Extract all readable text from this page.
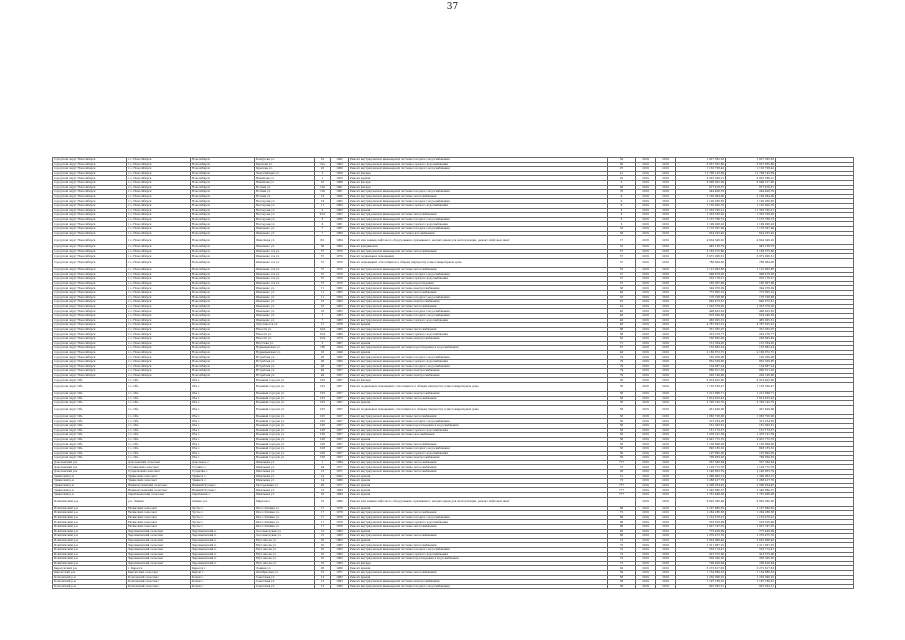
37
городской округ Новосибирск	г.о. Новосибирск	Новосибирск	Кошурова ул.	16	1982	Ремонт внутридомовой инженерной системы холодного водоснабжения	59	2019	2019	1 627 565,63	1 627 565,63	
городской округ Новосибирск	г.о. Новосибирск	Новосибирск	Крылова ул.	21а	1963	Ремонт внутридомовой инженерной системы горячего водоснабжения	95	2019	2019	3 637 655,80	3 637 655,80	
городской округ Новосибирск	г.о. Новосибирск	Новосибирск	Крылова ул.	23	1960	Ремонт внутридомовой инженерной системы холодного водоснабжения	97	2019	2019	1 133 708,42	1 133 708,42	
городской округ Новосибирск	г.о. Новосибирск	Новосибирск	Челюскинцев ул.	5	1959	Ремонт фасада	41	2019	2019	11 798 143,69	11 798 143,69	
городской округ Новосибирск	г.о. Новосибирск	Новосибирск	Нахимова ул.	1	1953	Ремонт крыши	25	2019	2019	9 325 560,21	9 825 560,21	
городской округ Новосибирск	г.о. Новосибирск	Новосибирск	Нахимова ул.	10	1989	Ремонт фасада	2	2019	2019	6 096 005,99	6 096 217,90	
городской округ Новосибирск	г.о. Новосибирск	Новосибирск	Ногина ул.	13а	1961	Ремонт фасада	56	2019	2019	877 476,57	877 476,57	
городской округ Новосибирск	г.о. Новосибирск	Новосибирск	Ногина ул.	13б	1961	Ремонт внутридомовой инженерной системы холодного водоснабжения	76	2019	2019	244 406,79	244 406,79	
городской округ Новосибирск	г.о. Новосибирск	Новосибирск	Ногина ул.	14	1960	Ремонт внутридомовой инженерной системы теплоснабжения	9	2019	2019	2 169 964,00	2 169 964,00	
городской округ Новосибирск	г.о. Новосибирск	Новосибирск	Нестерова ул.	19	1962	Ремонт внутридомовой инженерной системы холодного водоснабжения	9	2019	2019	1 100 036,85	1 100 036,85	
городской округ Новосибирск	г.о. Новосибирск	Новосибирск	Нестерова ул.	11	1960	Ремонт внутридомовой инженерной системы горячего водоснабжения	6	2019	2019	1 135 920,70	1 135 920,70	
городской округ Новосибирск	г.о. Новосибирск	Новосибирск	Нестерова ул.	2	1963	Ремонт крыши	4	2019	2019	11 353 795,21	11 353 795,21	
городской округ Новосибирск	г.о. Новосибирск	Новосибирск	Нестерова ул.	25/1	1957	Ремонт внутридомовой инженерной системы теплоснабжения	9	2019	2019	1 333 536,20	1 333 536,20	
городской округ Новосибирск	г.о. Новосибирск	Новосибирск	Нестерова ул.	6	1960	Ремонт внутридомовой инженерной системы холодного водоснабжения	6	2019	2019	1 137 766,72	1 137 766,72	
городской округ Новосибирск	г.о. Новосибирск	Новосибирск	Нестерова ул.	6	1961	Ремонт внутридомовой инженерной системы горячего водоснабжения	6	2019	2019	1 199 008,03	1 199 008,03	
городской округ Новосибирск	г.о. Новосибирск	Новосибирск	Шевченко ул.	7	1967	Ремонт внутридомовой инженерной системы холодного водоснабжения	53	2019	2019	1 176 397,90	1 176 397,90	
городской округ Новосибирск	г.о. Новосибирск	Новосибирск	Шевченко ул.	7	1969	Ремонт внутридомовой инженерной системы газоснабжения	50	2019	2019	624 235,45	624 235,45	
городской округ Новосибирск	г.о. Новосибирск	Новосибирск	Шекспира ул.	8/1	1964	Ремонт или замена лифтового оборудования, признанного непригодным для эксплуатации, ремонт лифтовых шахт	17	2019	2019	4 604 546,20	4 604 546,20	
городской округ Новосибирск	г.о. Новосибирск	Новосибирск	Шевченко ул.	30	1962	Ремонт фундамента	32	2019	2019	945 138,79	945 138,79	
городской округ Новосибирск	г.о. Новосибирск	Новосибирск	Шевченко 2-я ул.	57	1970	Ремонт внутридомовой инженерной системы теплоснабжения	57	2019	2019	2 183 275,88	2 183 275,88	
городской округ Новосибирск	г.о. Новосибирск	Новосибирск	Шевченко 2-я ул.	57	1970	Ремонт подвальных помещений	57	2019	2019	3 972 006,51	3 972 006,51	
городской округ Новосибирск	г.о. Новосибирск	Новосибирск	Шевченко 2-я ул.	57	1970	Ремонт помещений, относящихся к общему имуществу в многоквартирном доме	57	2019	2019	786 864,66	786 864,66	
городской округ Новосибирск	г.о. Новосибирск	Новосибирск	Шевченко 2-я ул.	57	1970	Ремонт внутридомовой инженерной системы теплоснабжения	53	2019	2019	1 115 903,66	1 115 903,66	
городской округ Новосибирск	г.о. Новосибирск	Новосибирск	Шевченко 2-я ул.	57	1970	Ремонт внутридомовой инженерной системы холодного водоснабжения	57	2019	2019	998 478,26	998 478,26	
городской округ Новосибирск	г.о. Новосибирск	Новосибирск	Шевченко 2-я ул.	57	1970	Ремонт внутридомовой инженерной системы горячего водоснабжения	57	2019	2019	255 178,27	255 178,27	
городской округ Новосибирск	г.о. Новосибирск	Новосибирск	Шевченко 2-я ул.	57	1970	Ремонт внутридомовой инженерной системы водоотведения	57	2019	2019	185 007,89	185 007,89	
городской округ Новосибирск	г.о. Новосибирск	Новосибирск	Шевченко ул.	11	1962	Ремонт внутридомовой инженерной системы электроснабжения	58	2019	2019	394 076,09	394 076,09	
городской округ Новосибирск	г.о. Новосибирск	Новосибирск	Шевченко ул.	11	1962	Ремонт внутридомовой инженерной системы теплоснабжения	46	2019	2019	775 805,10	775 805,10	
городской округ Новосибирск	г.о. Новосибирск	Новосибирск	Шевченко ул.	11	1959	Ремонт внутридомовой инженерной системы холодного водоснабжения	53	2019	2019	176 708,68	176 708,68	
городской округ Новосибирск	г.о. Новосибирск	Новосибирск	Шевченко ул.	16	1963	Ремонт внутридомовой инженерной системы электроснабжения	61	2019	2019	640 473,61	640 473,61	
городской округ Новосибирск	г.о. Новосибирск	Новосибирск	Шевченко ул.	16	1963	Ремонт внутридомовой инженерной системы теплоснабжения	43	2019	2019	1 323 379,05	1 323 379,05	
городской округ Новосибирск	г.о. Новосибирск	Новосибирск	Шевченко ул.	16	1963	Ремонт внутридомовой инженерной системы холодного водоснабжения	46	2019	2019	498 403,63	498 403,63	
городской округ Новосибирск	г.о. Новосибирск	Новосибирск	Шевченко ул.	7	1963	Ремонт внутридомовой инженерной системы холодного водоснабжения	46	2019	2019	619 249,59	619 249,59	
городской округ Новосибирск	г.о. Новосибирск	Новосибирск	Шевченко ул.	7	1963	Ремонт внутридомовой инженерной системы горячего водоснабжения	46	2019	2019	465 925,31	465 925,31	
городской округ Новосибирск	г.о. Новосибирск	Новосибирск	Энтузиастов ул.	17	1976	Ремонт крыши	48	2019	2019	4 787 625,91	4 787 625,91	
городской округ Новосибирск	г.о. Новосибирск	Новосибирск	Юности ул.	10/2	1980	Ремонт внутридомовой инженерной системы теплоснабжения	68	2019	2019	331 335,07	331 335,07	
городской округ Новосибирск	г.о. Новосибирск	Новосибирск	Юности ул.	10/2	1980	Ремонт внутридомовой инженерной системы горячего водоснабжения	68	2019	2019	222 276,77	222 276,77	
городской округ Новосибирск	г.о. Новосибирск	Новосибирск	Юности ул.	10/2	1979	Ремонт внутридомовой инженерной системы электроснабжения	65	2019	2019	258 895,49	258 895,49	
городской округ Новосибирск	г.о. Новосибирск	Новосибирск	Якутская ул.	5	1967	Ремонт крыши	71	2019	2019	131 334,05	131 334,05	
городской округ Новосибирск	г.о. Новосибирск	Новосибирск	Ядринцевская ул.	18б	1954	Ремонт внутридомовой инженерной системы водоотведения и водоснабжения	67	2019	2019	155 882,24	155 882,24	
городской округ Новосибирск	г.о. Новосибирск	Новосибирск	Ядринцевская ул.	16	1940	Ремонт крыши	48	2019	2019	2 180 872,72	2 180 872,72	
городской округ Новосибирск	г.о. Новосибирск	Новосибирск	Ястребова ул.	26	1960	Ремонт внутридомовой инженерной системы холодного водоснабжения	79	2019	2019	165 039,06	165 039,06	
городской округ Новосибирск	г.о. Новосибирск	Новосибирск	Ястребова ул.	26	1960	Ремонт внутридомовой инженерной системы горячего водоснабжения	79	2019	2019	852 559,85	852 559,85	
городской округ Новосибирск	г.о. Новосибирск	Новосибирск	Ястребова ул.	26	1957	Ремонт внутридомовой инженерной системы холодного водоснабжения	79	2019	2019	134 687,24	134 687,24	
городской округ Новосибирск	г.о. Новосибирск	Новосибирск	Ястребова ул.	49	1957	Ремонт внутридомовой инженерной системы электроснабжения	79	2019	2019	860 811,20	860 811,20	
городской округ Новосибирск	г.о. Новосибирск	Новосибирск	Ястребова ул.	49	1957	Ремонт внутридомовой инженерной системы электроснабжения	79	2019	2019	202 146,06	202 146,06	
городской округ Обь	г.о. Обь	Обь г.	Военный городок ул.	105	1957	Ремонт фасада	56	2019	2019	6 474 402,60	6 474 402,60	
городской округ Обь	г.о. Обь	Обь г.	Военный городок ул.	105	1957	Ремонт подвальных помещений, относящихся к общему имуществу в многоквартирном доме	56	2019	2019	1 135 539,47	1 135 539,47	
городской округ Обь	г.о. Обь	Обь г.	Военный городок ул.	105	1957	Ремонт внутридомовой инженерной системы электроснабжения	56	2019	2019	1 212 898,71	1 212 898,71	
городской округ Обь	г.о. Обь	Обь г.	Военный городок ул.	105	1957	Ремонт внутридомовой инженерной системы теплоснабжения	56	2019	2019	1 814 455,42	1 814 455,42	
городской округ Обь	г.о. Обь	Обь г.	Военный городок ул.	105	1957	Ремонт крыши	56	2019	2019	2 795 142,76	2 795 142,76	
городской округ Обь	г.о. Обь	Обь г.	Военный городок ул.	105	1957	Ремонт подвальных помещений, относящихся к общему имуществу в многоквартирном доме	56	2019	2019	431 409,08	431 409,08	
городской округ Обь	г.о. Обь	Обь г.	Военный городок ул.	105	1957	Ремонт внутридомовой инженерной системы теплоснабжения	56	2019	2019	1 083 728,06	1 083 728,06	
городской округ Обь	г.о. Обь	Обь г.	Военный городок ул.	105	1957	Ремонт внутридомовой инженерной системы холодного водоснабжения	56	2019	2019	313 234,26	313 234,26	
городской округ Обь	г.о. Обь	Обь г.	Военный городок ул.	106	1957	Ремонт внутридомовой инженерной системы водоотведения и водоснабжения	56	2019	2019	161 303,61	161 303,61	
городской округ Обь	г.о. Обь	Обь г.	Военный городок ул.	106	1957	Ремонт внутридомовой инженерной системы горячего водоснабжения	56	2019	2019	151 173,37	151 173,37	
городской округ Обь	г.о. Обь	Обь г.	Военный городок ул.	106	1957	Ремонт внутридомовой инженерной системы газоснабжения	56	2019	2019	1 478 191,39	1 478 191,39	
городской округ Обь	г.о. Обь	Обь г.	Военный городок ул.	106	1957	Ремонт крыши	56	2019	2019	2 901 772,70	2 901 772,70	
городской округ Обь	г.о. Обь	Обь г.	Военный городок ул.	106	1957	Ремонт внутридомовой инженерной системы теплоснабжения	56	2019	2019	1 136 808,06	1 136 808,06	
городской округ Обь	г.о. Обь	Обь г.	Военный городок ул.	106	1957	Ремонт внутридомовой инженерной системы холодного водоснабжения	56	2019	2019	893 185,32	893 185,32	
городской округ Обь	г.о. Обь	Обь г.	Военный городок ул.	106	1957	Ремонт внутридомовой инженерной системы горячего водоснабжения	56	2019	2019	197 892,30	197 892,30	
городской округ Обь	г.о. Обь	Обь г.	Военный городок ул.	106	1957	Ремонт внутридомовой инженерной системы электроснабжения	56	2019	2019	799 839,50	799 839,50	
Доволенский р-н	Доволенский сельсовет	Довольное с.	Шкальная ул.	1	1984	Ремонт внутридомовой инженерной системы теплоснабжения	777	2019	2019	567 560,84	567 560,84	
Доволенский р-н	Ступинский сельсовет	Ступино с.	Шкальная ул.	24	1977	Ремонт внутридомовой инженерной системы теплоснабжения	75	2019	2019	1 103 772,76	1 103 772,76	
Доволенский р-н	Суздальский сельсовет	Суздалка с.	Школьная ул.	21	1971	Ремонт внутридомовой инженерной системы теплоснабжения	28	2019	2019	1 146 853,79	1 146 853,79	
Здвинский р-н	Здвинский сельсовет	Здвинск с.	Шкальная ул.	14	2002	Ремонт крыши	15	2019	2019	1 390 963,12	1 390 963,12	
Здвинский р-н	Здвинский сельсовет	Здвинск с.	Шкальная ул.	14	1980	Ремонт крыши	73	2019	2019	1 288 417,76	1 288 417,76	
Здвинский р-н	Нижнечулымский сельсовет	Нижний Чулым с.	Молодежная ул.	20	1977	Ремонт крыши	777	2019	2019	2 598 264,45	2 598 264,45	
Здвинский р-н	Нижнечулымский сельсовет	Нижний Чулым с.	Шкальная ул.	13	1984	Ремонт крыши	777	2019	2019	2 540 880,37	2 540 880,37	
Здвинский р-н	Сарыбалыкский сельсовет	Сарыбалык с.	Шкальная ул.	25	1984	Ремонт крыши	777	2019	2019	1 761 488,00	1 761 488,00	
Искитимский р-н	р.п. Линево	Линево р.п.	Мира кв-л	10	1989	Ремонт или замена лифтового оборудования, признанного непригодным для эксплуатации, ремонт лифтовых шахт		2019	2019	9 092 360,00	9 092 360,00	
Искитимский р-н	Евсинский сельсовет	Чусты с.	Шосс.Ляпина ул.	17	1978	Ремонт крыши	68	2019	2019	2 167 880,65	2 167 880,65	
Искитимский р-н	Евсинский сельсовет	Чусты с.	Шосс.Ляпина ул.	17	1978	Ремонт внутридомовой инженерной системы теплоснабжения	72	2019	2019	1 284 286,38	1 284 286,38	
Искитимский р-н	Евсинский сельсовет	Чусты с.	Шосс.Ляпина ул.	17	1978	Ремонт внутридомовой инженерной системы холодного водоснабжения	68	2019	2019	1 132 478,01	1 132 478,01	
Искитимский р-н	Евсинский сельсовет	Чусты с.	Шосс.Ляпина ул.	17	1978	Ремонт внутридомовой инженерной системы горячего водоснабжения	68	2019	2019	533 616,89	533 616,89	
Искитимский р-н	Евсинский сельсовет	Чусты с.	Шосс.Ляпина ул.	17	1978	Ремонт внутридомовой инженерной системы теплоснабжения	68	2019	2019	1 027 747,25	1 027 747,25	
Искитимский р-н	Черепановский сельсовет	Черепановский п.	Лесозаводская ул.	15	1963	Ремонт крыши	62	2019	2019	775 436,09	775 436,09	
Искитимский р-н	Черепановский сельсовет	Черепановский п.	Лесозаводская ул.	15	1963	Ремонт внутридомовой инженерной системы теплоснабжения	68	2019	2019	1 270 475,70	1 270 475,70	
Искитимский р-н	Черепановский сельсовет	Черепановский п.	Юрт.школа ул.	25	1963	Ремонт крыши	72	2019	2019	2 653 908,40	2 653 908,40	
Искитимский р-н	Черепановский сельсовет	Черепановский п.	Юрт.школа ул.	25	1963	Ремонт внутридомовой инженерной системы теплоснабжения	72	2019	2019	1 311 667,25	1 311 667,25	
Искитимский р-н	Черепановский сельсовет	Черепановский п.	Юрт.школа ул.	25	1963	Ремонт внутридомовой инженерной системы холодного водоснабжения	72	2019	2019	533 174,47	533 174,47	
Искитимский р-н	Черепановский сельсовет	Черепановский п.	Юрт.школа ул.	25	1963	Ремонт внутридомовой инженерной системы горячего водоснабжения	72	2019	2019	413 575,00	413 575,00	
Искитимский р-н	Черепановский сельсовет	Черепановский п.	Юрт.школа ул.	25	1963	Ремонт внутридомовой инженерной системы водоотведения и водоснабжения	72	2019	2019	336 320,50	336 320,50	
Искитимский р-н	Черепановский сельсовет	Черепановский п.	Юрт.школа ул.	25	1963	Ремонт фасада	72	2019	2019	706 428,84	706 428,84	
Карасукский р-н	г. Карасук	Карасук г.	Ленина ул.	28	1969	Ремонт крыши	62	2019	2019	5 272 617,83	5 272 617,83	
Каргатский р-н	Каргатский сельсовет	Каргат г.	Октябрьская ул.	21	1971	Ремонт внутридомовой инженерной системы теплоснабжения	59	2019	2019	1 154 889,33	1 154 889,33	
Кочковский р-н	Кочковский сельсовет	Кочки с.	Советская ул.	13	1983	Ремонт крыши	58	2019	2019	1 230 096,25	1 230 096,25	
Кочковский р-н	Кочковский сельсовет	Кочки с.	Советская ул.	13	1983	Ремонт внутридомовой инженерной системы электроснабжения	58	2019	2019	1 197 189,52	1 197 189,52	
Кочковский р-н	Кочковский сельсовет	Кочки с.	Советская ул.	13	1983	Ремонт внутридомовой инженерной системы холодного водоснабжения	58	2019	2019	925 032,51	925 032,51	
